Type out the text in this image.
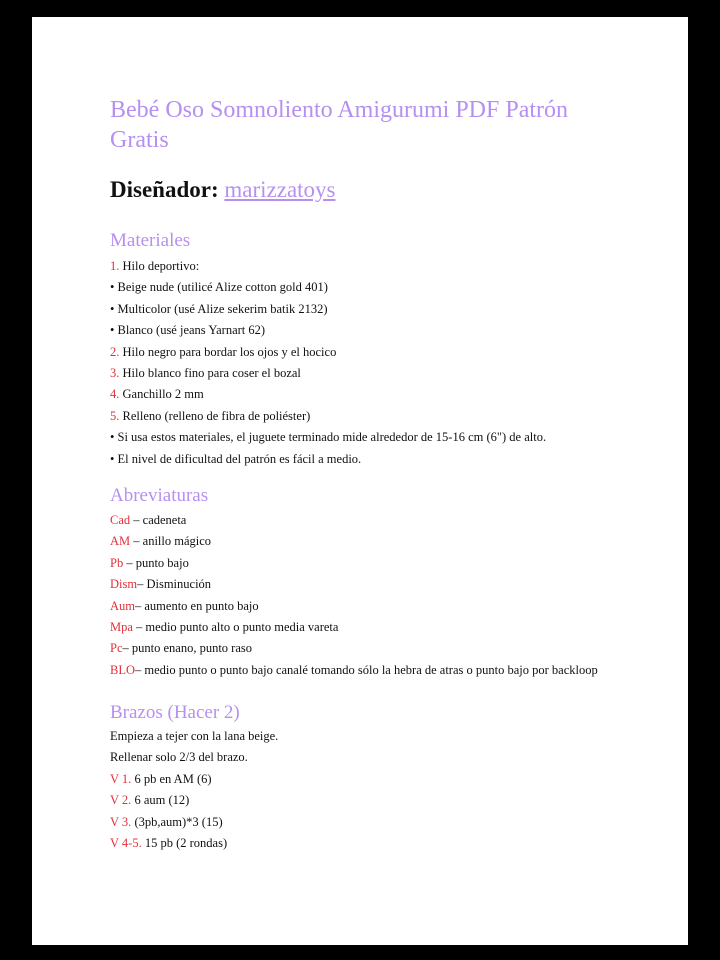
Bebé Oso Somnoliento Amigurumi PDF Patrón Gratis

Diseñador: marizzatoys

Materiales
1. Hilo deportivo:
• Beige nude (utilicé Alize cotton gold 401)
• Multicolor (usé Alize sekerim batik 2132)
• Blanco (usé jeans Yarnart 62)
2. Hilo negro para bordar los ojos y el hocico
3. Hilo blanco fino para coser el bozal
4. Ganchillo 2 mm
5. Relleno (relleno de fibra de poliéster)
• Si usa estos materiales, el juguete terminado mide alrededor de 15-16 cm (6") de alto.
• El nivel de dificultad del patrón es fácil a medio.
Abreviaturas
Cad – cadeneta
AM – anillo mágico
Pb – punto bajo
Dism– Disminución
Aum– aumento en punto bajo
Mpa – medio punto alto o punto media vareta
Pc– punto enano, punto raso
BLO– medio punto o punto bajo canalé tomando sólo la hebra de atras o punto bajo por backloop
Brazos (Hacer 2)
Empieza a tejer con la lana beige.
Rellenar solo 2/3 del brazo.
V 1. 6 pb en AM (6)
V 2. 6 aum (12)
V 3. (3pb,aum)*3 (15)
V 4-5. 15 pb (2 rondas)
